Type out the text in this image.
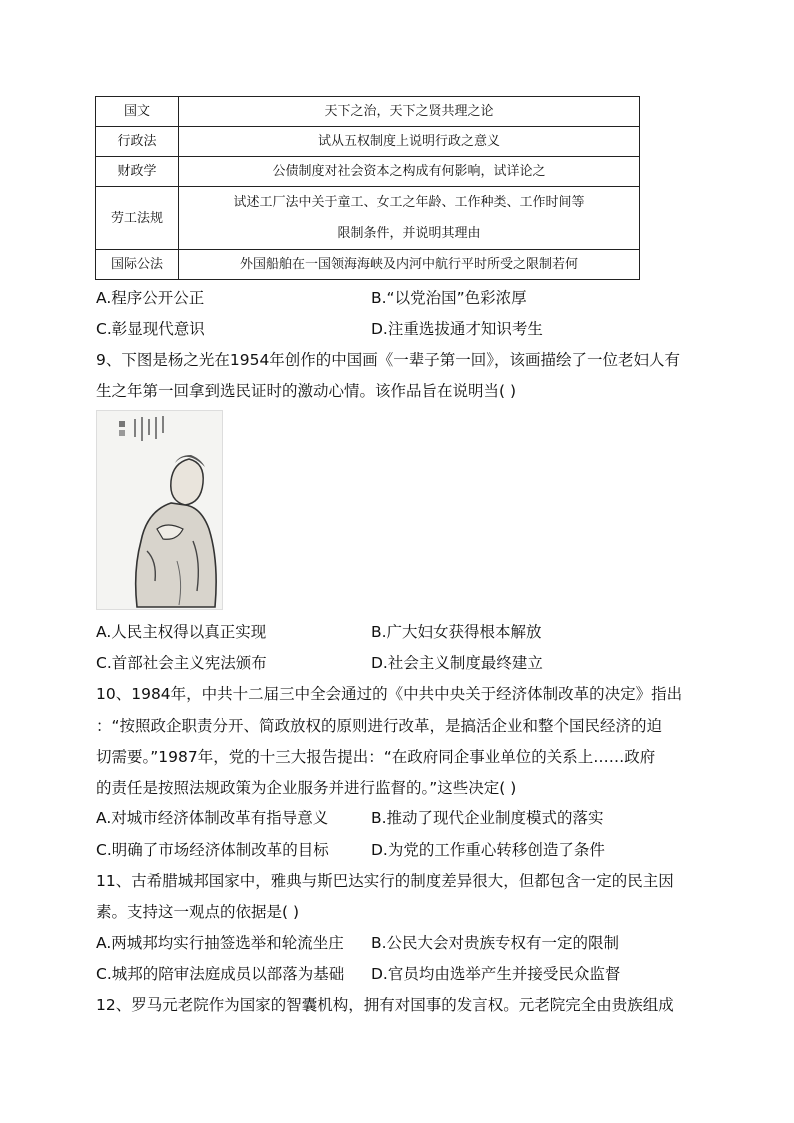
国文	天下之治，天下之贤共理之论
行政法	试从五权制度上说明行政之意义
财政学	公债制度对社会资本之构成有何影响，试详论之
劳工法规	试述工厂法中关于童工、女工之年龄、工作种类、工作时间等
限制条件，并说明其理由

国际公法	外国船舶在一国领海海峡及内河中航行平时所受之限制若何
A.程序公开公正	B.“以党治国”色彩浓厚
C.彰显现代意识	D.注重选拔通才知识考生
9、下图是杨之光在1954年创作的中国画《一辈子第一回》，该画描绘了一位老妇人有
生之年第一回拿到选民证时的激动心情。该作品旨在说明当( )
A.人民主权得以真正实现	B.广大妇女获得根本解放
C.首部社会主义宪法颁布	D.社会主义制度最终建立
10、1984年，中共十二届三中全会通过的《中共中央关于经济体制改革的决定》指出
：“按照政企职责分开、简政放权的原则进行改革，是搞活企业和整个国民经济的迫
切需要。”1987年，党的十三大报告提出：“在政府同企事业单位的关系上……政府
的责任是按照法规政策为企业服务并进行监督的。”这些决定( )
A.对城市经济体制改革有指导意义	B.推动了现代企业制度模式的落实
C.明确了市场经济体制改革的目标	D.为党的工作重心转移创造了条件
11、古希腊城邦国家中，雅典与斯巴达实行的制度差异很大，但都包含一定的民主因
素。支持这一观点的依据是( )
A.两城邦均实行抽签选举和轮流坐庄 B.公民大会对贵族专权有一定的限制
C.城邦的陪审法庭成员以部落为基础 D.官员均由选举产生并接受民众监督
12、罗马元老院作为国家的智囊机构，拥有对国事的发言权。元老院完全由贵族组成
